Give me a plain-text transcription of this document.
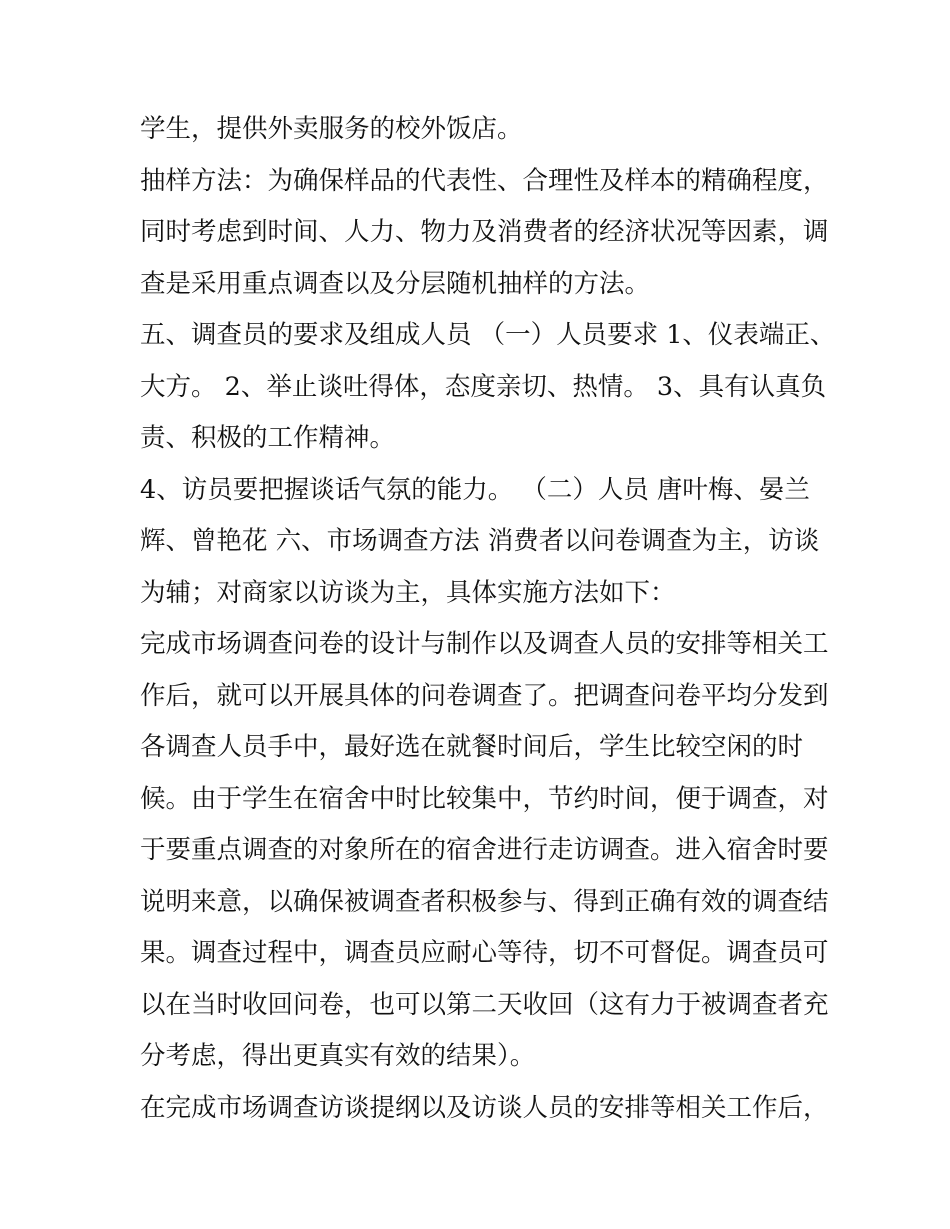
学生，提供外卖服务的校外饭店。

抽样方法：为确保样品的代表性、合理性及样本的精确程度，
同时考虑到时间、人力、物力及消费者的经济状况等因素，调
查是采用重点调查以及分层随机抽样的方法。

五、调查员的要求及组成人员 （一）人员要求 1、仪表端正、
大方。 2、举止谈吐得体，态度亲切、热情。 3、具有认真负
责、积极的工作精神。

4、访员要把握谈话气氛的能力。 （二）人员 唐叶梅、晏兰
辉、曾艳花 六、市场调查方法 消费者以问卷调查为主，访谈
为辅；对商家以访谈为主，具体实施方法如下：

完成市场调查问卷的设计与制作以及调查人员的安排等相关工
作后，就可以开展具体的问卷调查了。把调查问卷平均分发到
各调查人员手中，最好选在就餐时间后，学生比较空闲的时
候。由于学生在宿舍中时比较集中，节约时间，便于调查，对
于要重点调查的对象所在的宿舍进行走访调查。进入宿舍时要
说明来意，以确保被调查者积极参与、得到正确有效的调查结
果。调查过程中，调查员应耐心等待，切不可督促。调查员可
以在当时收回问卷，也可以第二天收回（这有力于被调查者充
分考虑，得出更真实有效的结果）。

在完成市场调查访谈提纲以及访谈人员的安排等相关工作后，
